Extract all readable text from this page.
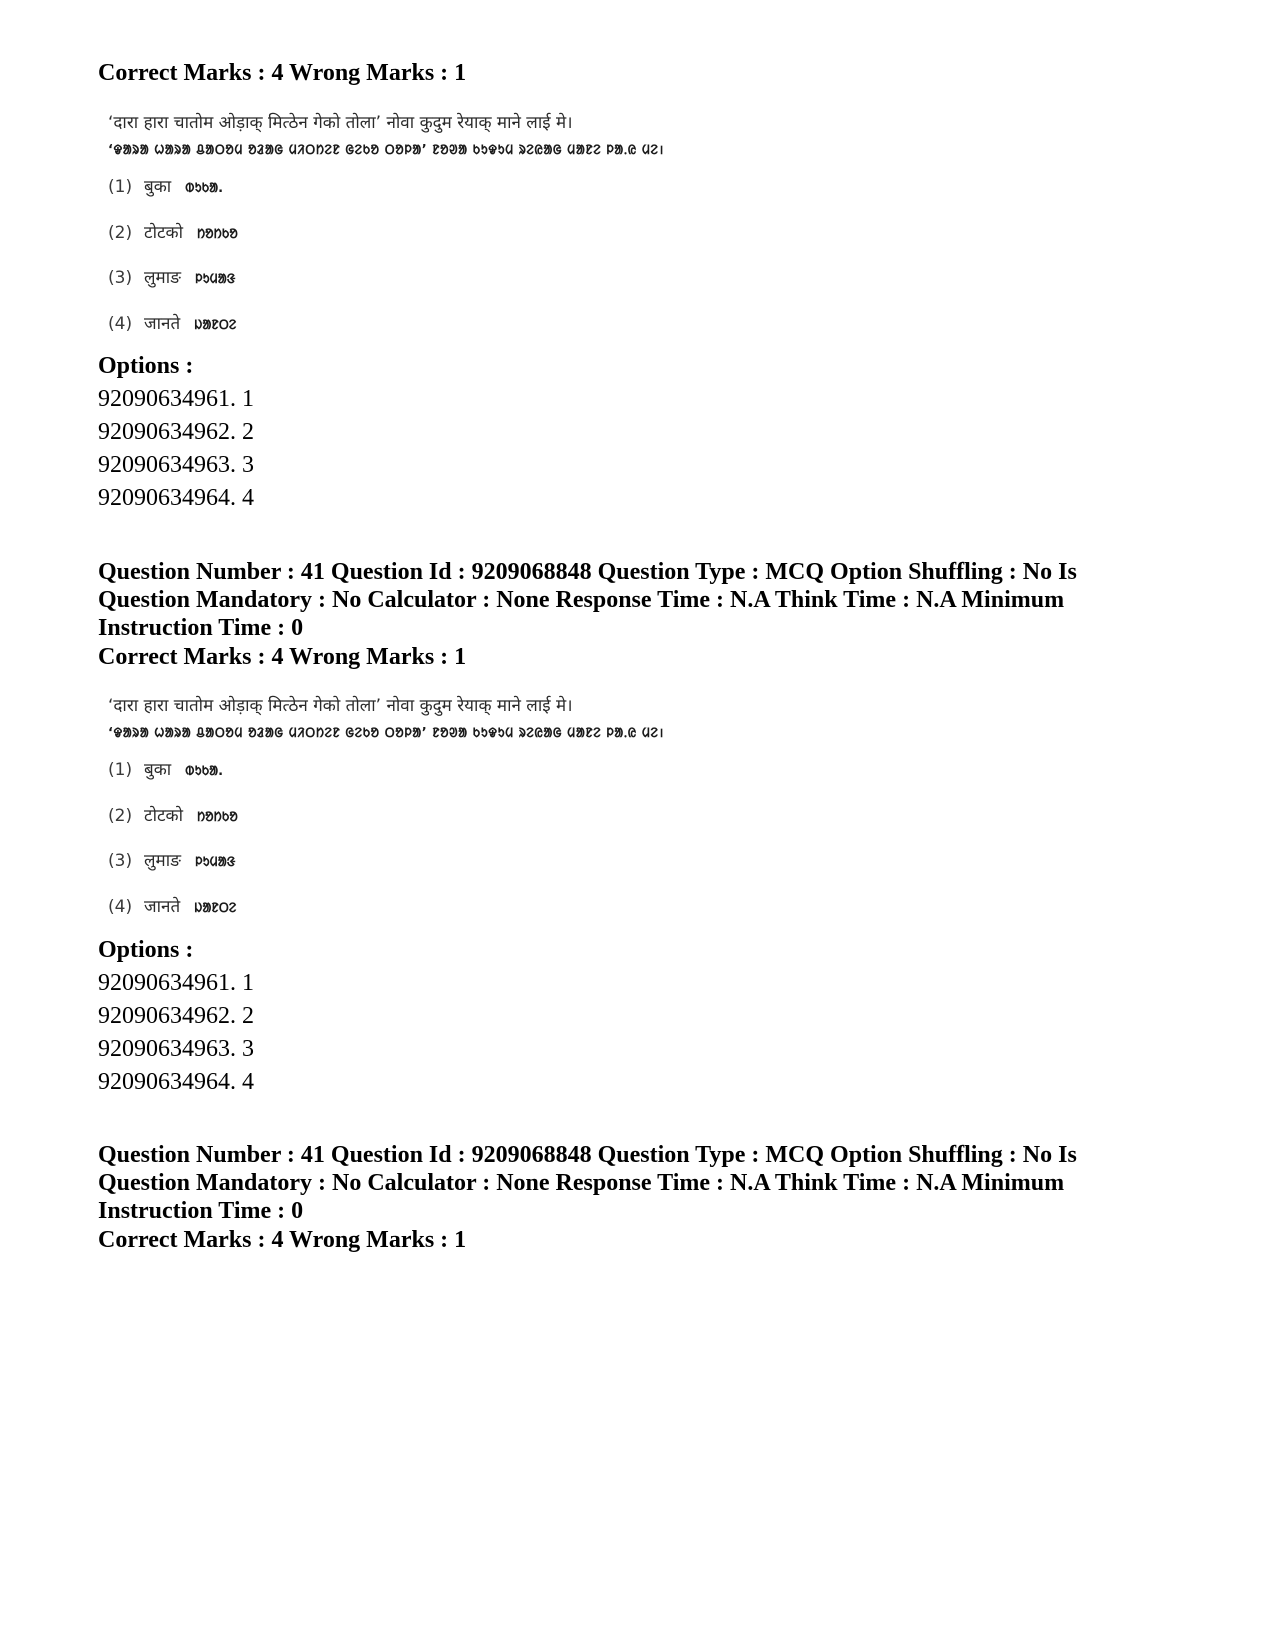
Correct Marks : 4 Wrong Marks : 1
‘दारा हारा चातोम ओड़ाक् मित्ठेन गेको तोला’ नोवा कुदुम रेयाक् माने लाई मे।
‘ᱫᱟᱨᱟ ᱦᱟᱨᱟ ᱪᱟᱛᱚᱢ ᱚᱲᱟᱜ ᱢᱤᱛᱴᱮᱱ ᱜᱮᱠᱚ ᱛᱚᱞᱟ’ ᱱᱚᱣᱟ ᱠᱩᱫᱩᱢ ᱨᱮᱭᱟᱜ ᱢᱟᱱᱮ ᱞᱟᱹᱭ ᱢᱮ।
(1) बुका ᱵᱩᱠᱟ.
(2) टोटको ᱴᱚᱴᱠᱚ
(3) लुमाङ ᱞᱩᱢᱟᱝ
(4) जानते ᱡᱟᱱᱛᱮ
Options :
92090634961. 1
92090634962. 2
92090634963. 3
92090634964. 4
Question Number : 41 Question Id : 9209068848 Question Type : MCQ Option Shuffling : No Is Question Mandatory : No Calculator : None Response Time : N.A Think Time : N.A Minimum Instruction Time : 0
Correct Marks : 4 Wrong Marks : 1
‘दारा हारा चातोम ओड़ाक् मित्ठेन गेको तोला’ नोवा कुदुम रेयाक् माने लाई मे।
‘ᱫᱟᱨᱟ ᱦᱟᱨᱟ ᱪᱟᱛᱚᱢ ᱚᱲᱟᱜ ᱢᱤᱛᱴᱮᱱ ᱜᱮᱠᱚ ᱛᱚᱞᱟ’ ᱱᱚᱣᱟ ᱠᱩᱫᱩᱢ ᱨᱮᱭᱟᱜ ᱢᱟᱱᱮ ᱞᱟᱹᱭ ᱢᱮ।
(1) बुका ᱵᱩᱠᱟ.
(2) टोटको ᱴᱚᱴᱠᱚ
(3) लुमाङ ᱞᱩᱢᱟᱝ
(4) जानते ᱡᱟᱱᱛᱮ
Options :
92090634961. 1
92090634962. 2
92090634963. 3
92090634964. 4
Question Number : 41 Question Id : 9209068848 Question Type : MCQ Option Shuffling : No Is Question Mandatory : No Calculator : None Response Time : N.A Think Time : N.A Minimum Instruction Time : 0
Correct Marks : 4 Wrong Marks : 1
